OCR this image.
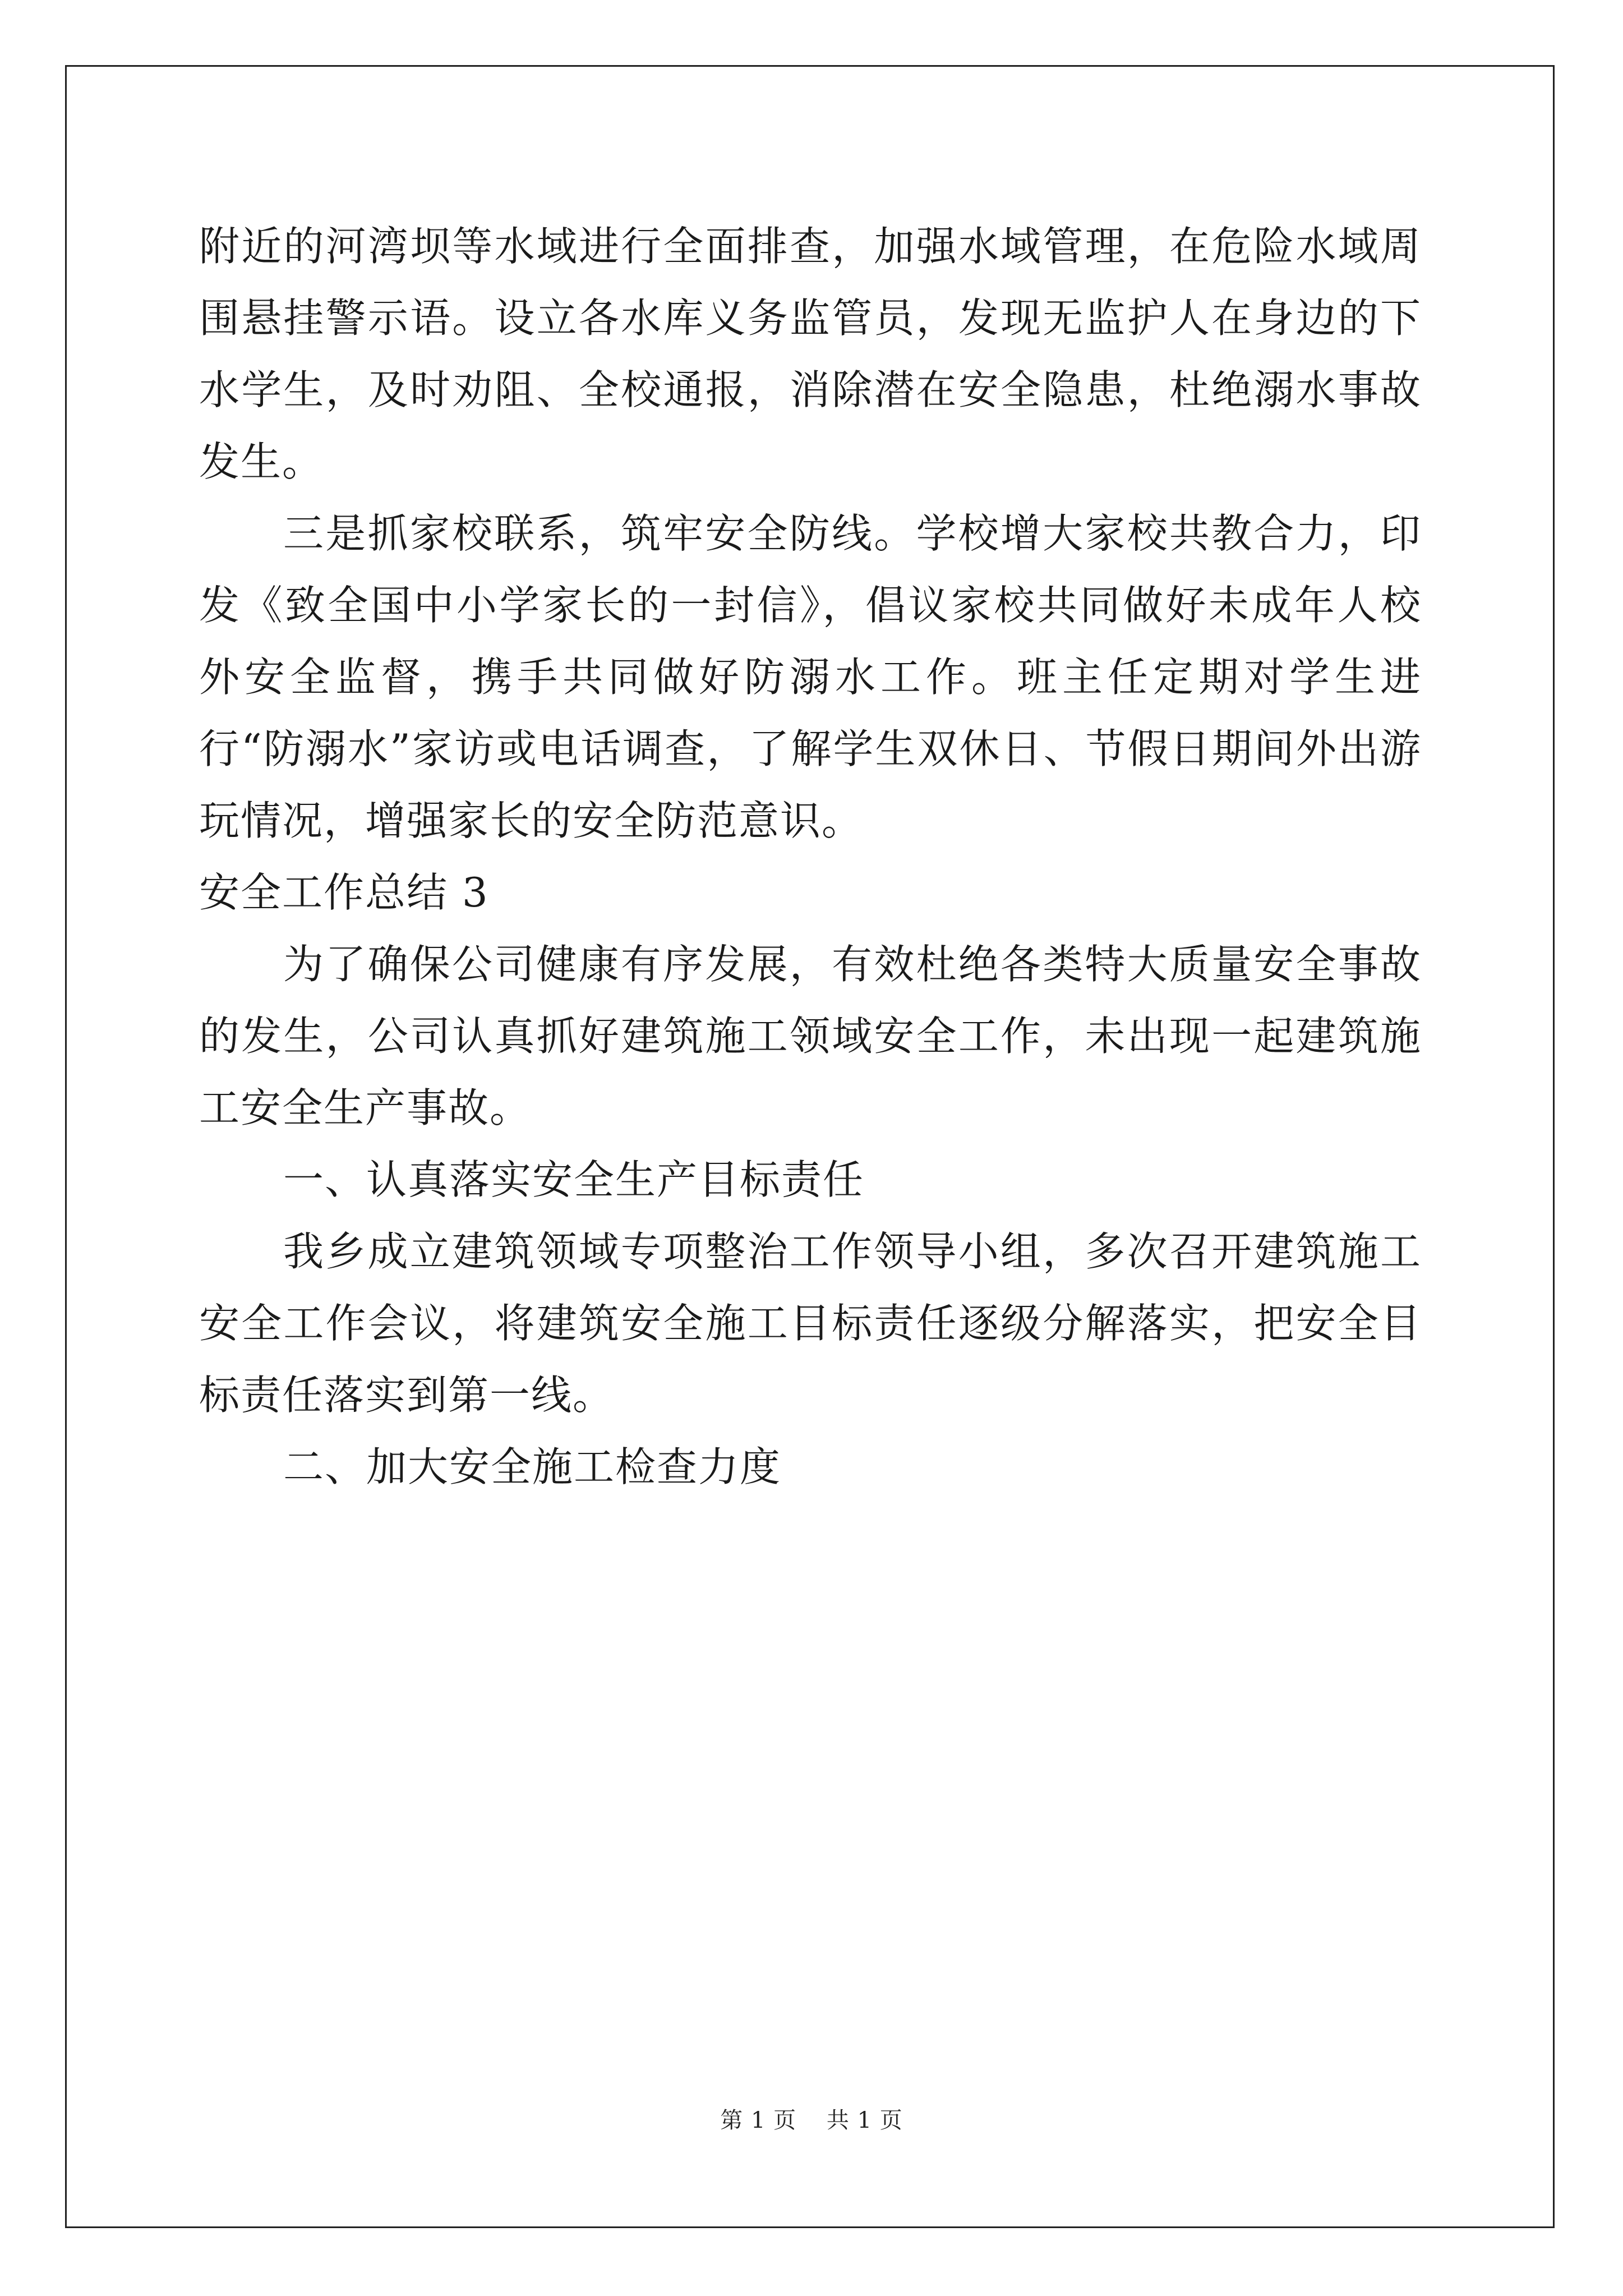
附近的河湾坝等水域进行全面排查，加强水域管理，在危险水域周围悬挂警示语。设立各水库义务监管员，发现无监护人在身边的下水学生，及时劝阻、全校通报，消除潜在安全隐患，杜绝溺水事故发生。

三是抓家校联系，筑牢安全防线。学校增大家校共教合力，印发《致全国中小学家长的一封信》，倡议家校共同做好未成年人校外安全监督，携手共同做好防溺水工作。班主任定期对学生进行“防溺水”家访或电话调查，了解学生双休日、节假日期间外出游玩情况，增强家长的安全防范意识。

安全工作总结 3

为了确保公司健康有序发展，有效杜绝各类特大质量安全事故的发生，公司认真抓好建筑施工领域安全工作，未出现一起建筑施工安全生产事故。

一、认真落实安全生产目标责任

我乡成立建筑领域专项整治工作领导小组，多次召开建筑施工安全工作会议，将建筑安全施工目标责任逐级分解落实，把安全目标责任落实到第一线。

二、加大安全施工检查力度

第 1 页 共 1 页
